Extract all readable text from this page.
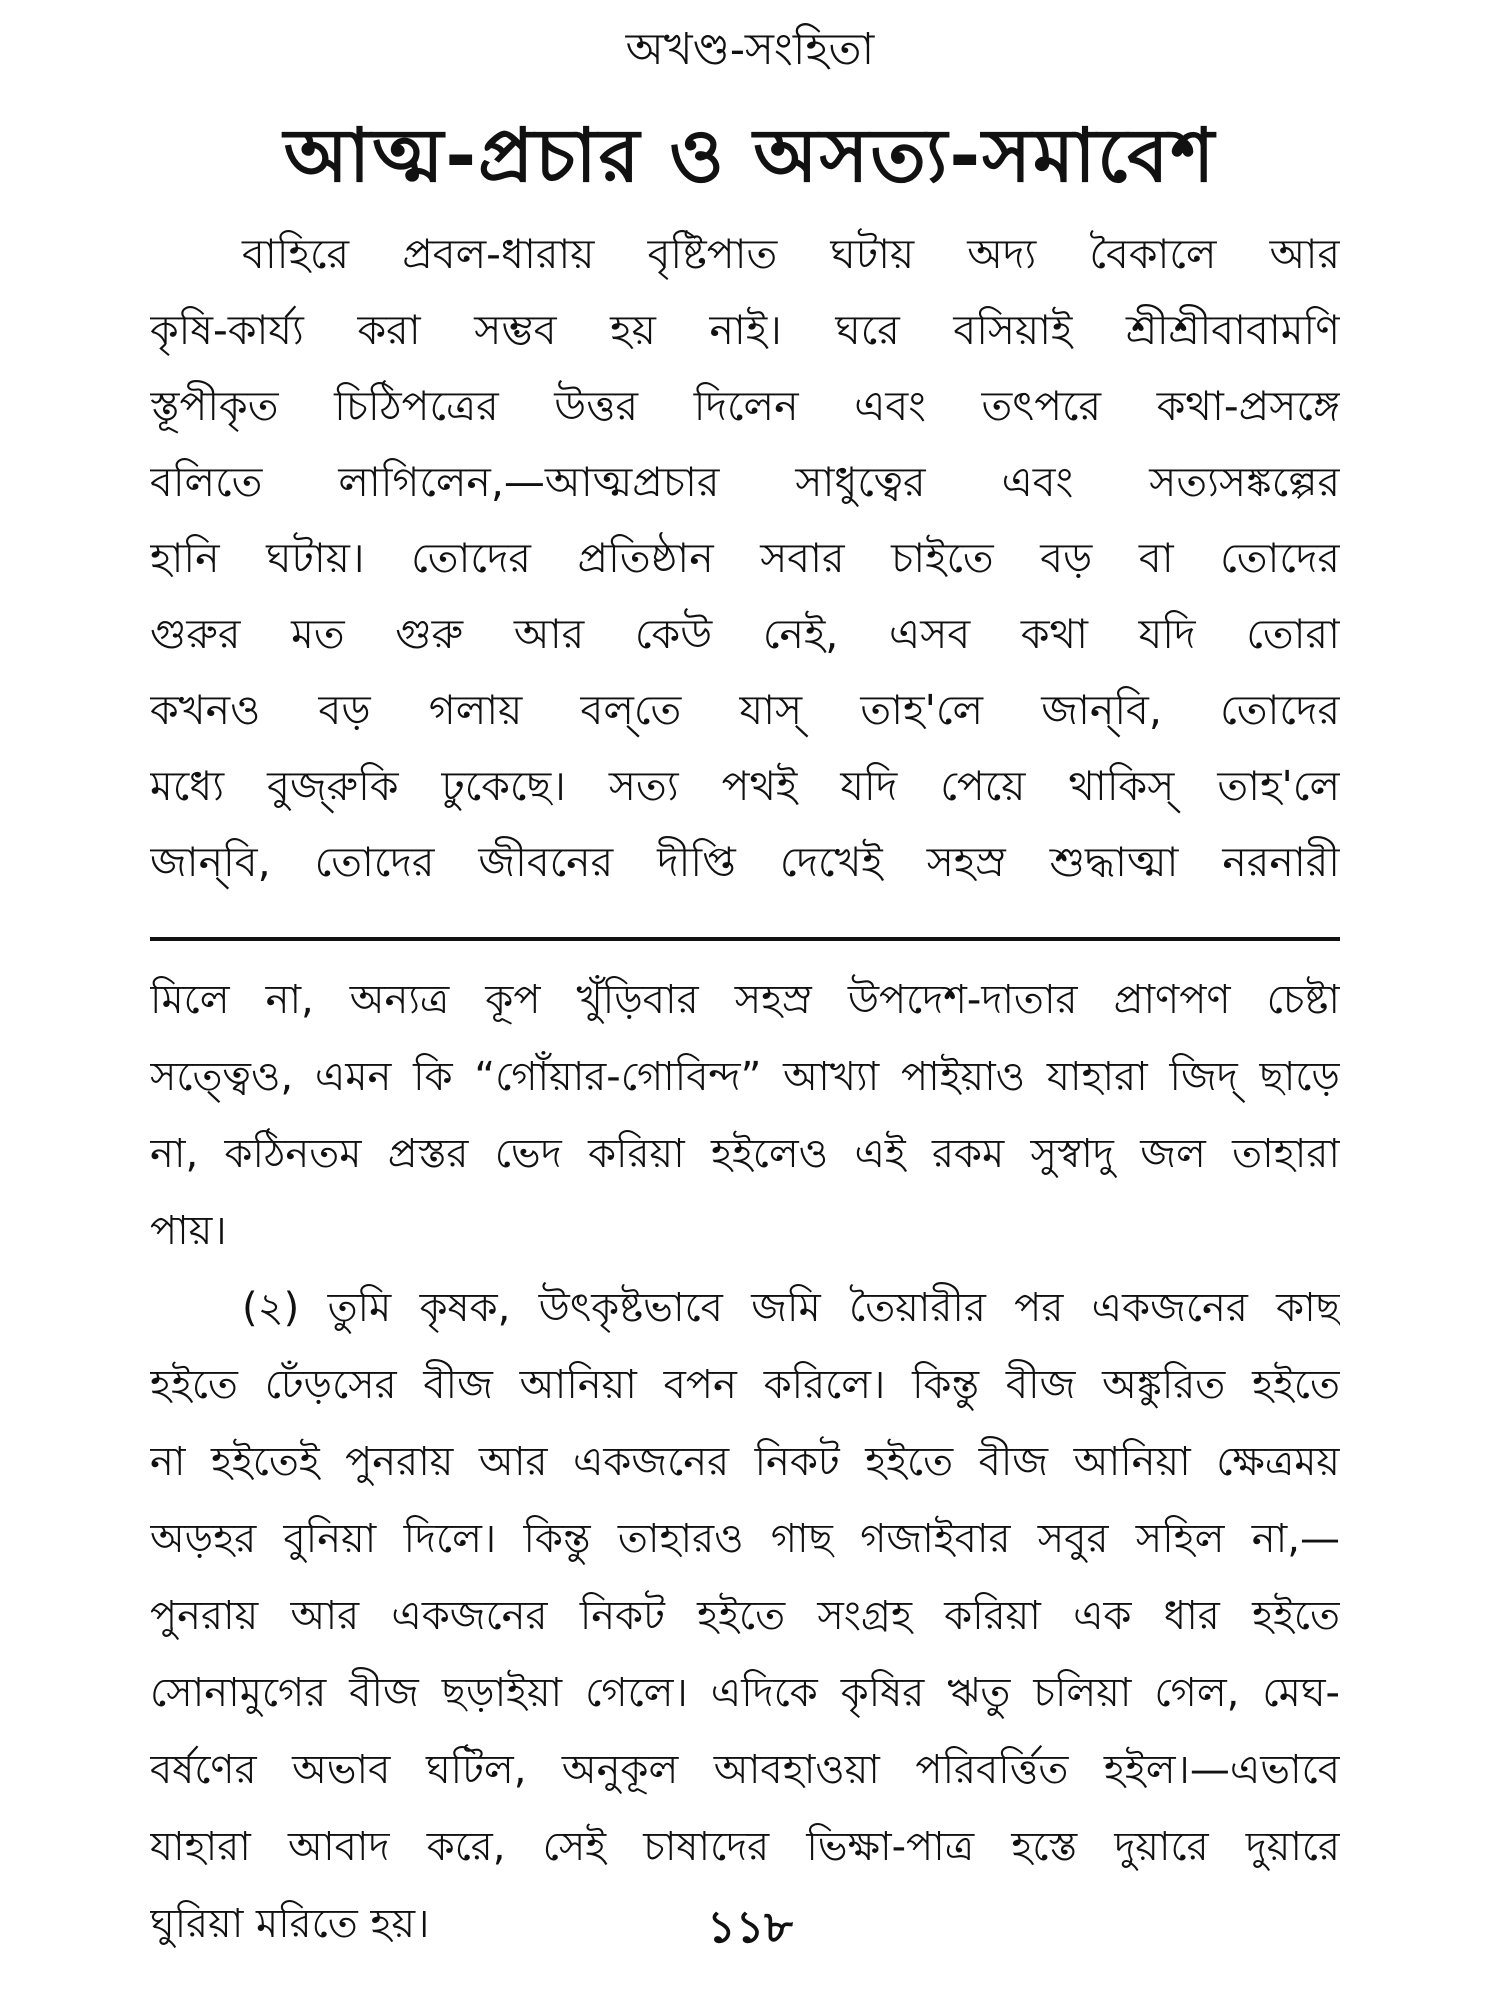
অখণ্ড-সংহিতা
আত্ম-প্রচার ও অসত্য-সমাবেশ
বাহিরে প্রবল-ধারায় বৃষ্টিপাত ঘটায় অদ্য বৈকালে আর
কৃষি-কার্য্য করা সম্ভব হয় নাই। ঘরে বসিয়াই শ্রীশ্রীবাবামণি
স্তূপীকৃত চিঠিপত্রের উত্তর দিলেন এবং তৎপরে কথা-প্রসঙ্গে
বলিতে লাগিলেন,—আত্মপ্রচার সাধুত্বের এবং সত্যসঙ্কল্পের
হানি ঘটায়। তোদের প্রতিষ্ঠান সবার চাইতে বড় বা তোদের
গুরুর মত গুরু আর কেউ নেই, এসব কথা যদি তোরা
কখনও বড় গলায় বল্‌তে যাস্‌ তাহ'লে জান্‌বি, তোদের
মধ্যে বুজ্‌রুকি ঢুকেছে। সত্য পথই যদি পেয়ে থাকিস্‌ তাহ'লে
জান্‌বি, তোদের জীবনের দীপ্তি দেখেই সহস্র শুদ্ধাত্মা নরনারী
মিলে না, অন্যত্র কূপ খুঁড়িবার সহস্র উপদেশ-দাতার প্রাণপণ চেষ্টা
সত্ত্বেও, এমন কি “গোঁয়ার-গোবিন্দ” আখ্যা পাইয়াও যাহারা জিদ্‌ ছাড়ে
না, কঠিনতম প্রস্তর ভেদ করিয়া হইলেও এই রকম সুস্বাদু জল তাহারা
পায়।
(২) তুমি কৃষক, উৎকৃষ্টভাবে জমি তৈয়ারীর পর একজনের কাছ
হইতে ঢেঁড়সের বীজ আনিয়া বপন করিলে। কিন্তু বীজ অঙ্কুরিত হইতে
না হইতেই পুনরায় আর একজনের নিকট হইতে বীজ আনিয়া ক্ষেত্রময়
অড়হর বুনিয়া দিলে। কিন্তু তাহারও গাছ গজাইবার সবুর সহিল না,—
পুনরায় আর একজনের নিকট হইতে সংগ্রহ করিয়া এক ধার হইতে
সোনামুগের বীজ ছড়াইয়া গেলে। এদিকে কৃষির ঋতু চলিয়া গেল, মেঘ-
বর্ষণের অভাব ঘটিল, অনুকূল আবহাওয়া পরিবর্ত্তিত হইল।—এভাবে
যাহারা আবাদ করে, সেই চাষাদের ভিক্ষা-পাত্র হস্তে দুয়ারে দুয়ারে
ঘুরিয়া মরিতে হয়।	১১৮
